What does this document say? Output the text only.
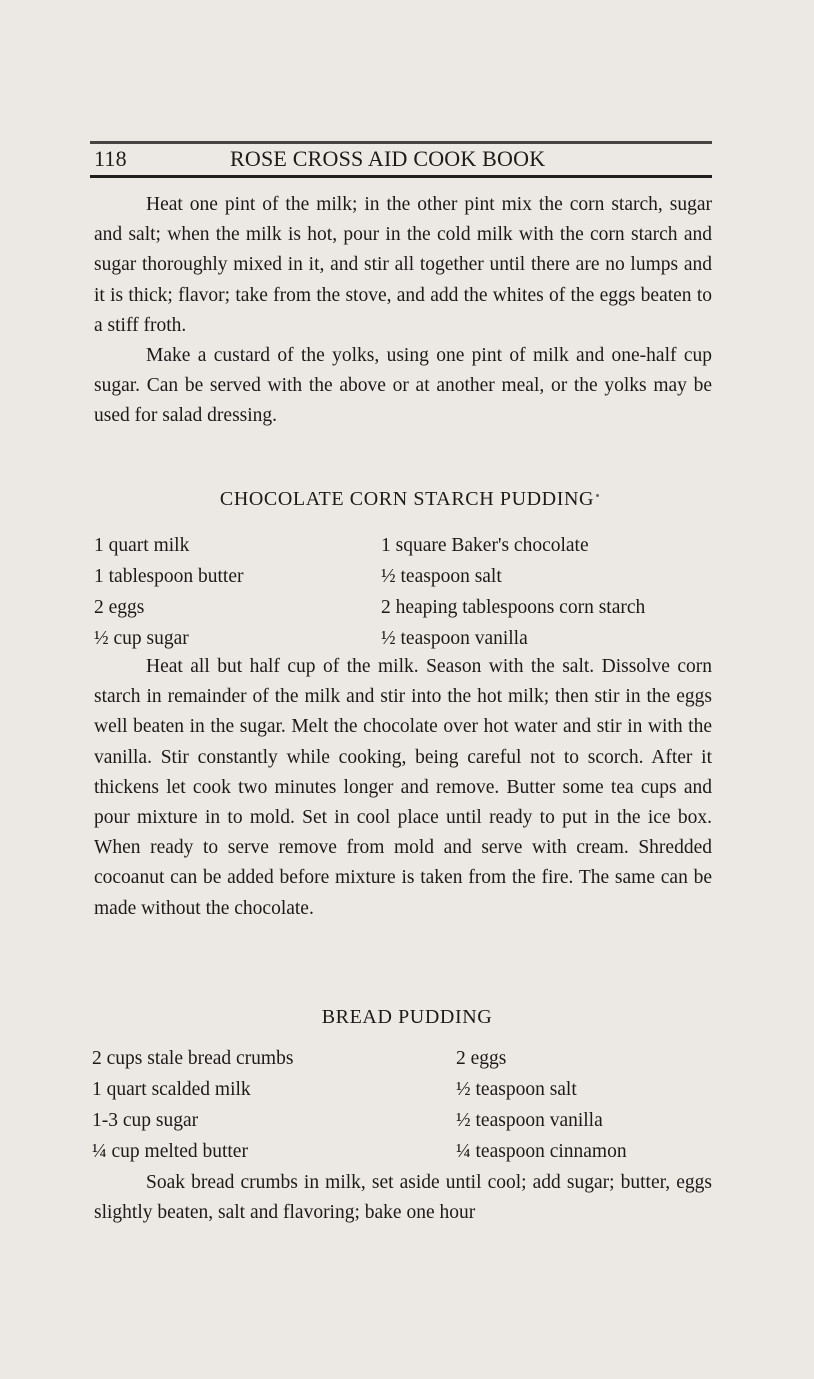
118	ROSE CROSS AID COOK BOOK

Heat one pint of the milk; in the other pint mix the corn starch, sugar and salt; when the milk is hot, pour in the cold milk with the corn starch and sugar thoroughly mixed in it, and stir all together until there are no lumps and it is thick; flavor; take from the stove, and add the whites of the eggs beaten to a stiff froth.

Make a custard of the yolks, using one pint of milk and one-half cup sugar. Can be served with the above or at another meal, or the yolks may be used for salad dressing.

CHOCOLATE CORN STARCH PUDDING
1 quart milk
1 tablespoon butter
2 eggs
½ cup sugar
1 square Baker's chocolate
½ teaspoon salt
2 heaping tablespoons corn starch
½ teaspoon vanilla

Heat all but half cup of the milk. Season with the salt. Dissolve corn starch in remainder of the milk and stir into the hot milk; then stir in the eggs well beaten in the sugar. Melt the chocolate over hot water and stir in with the vanilla. Stir constantly while cooking, being careful not to scorch. After it thickens let cook two minutes longer and remove. Butter some tea cups and pour mixture in to mold. Set in cool place until ready to put in the ice box. When ready to serve remove from mold and serve with cream. Shredded cocoanut can be added before mixture is taken from the fire. The same can be made without the chocolate.

BREAD PUDDING
2 cups stale bread crumbs
1 quart scalded milk
1-3 cup sugar
¼ cup melted butter
2 eggs
½ teaspoon salt
½ teaspoon vanilla
¼ teaspoon cinnamon

Soak bread crumbs in milk, set aside until cool; add sugar; butter, eggs slightly beaten, salt and flavoring; bake one hour
